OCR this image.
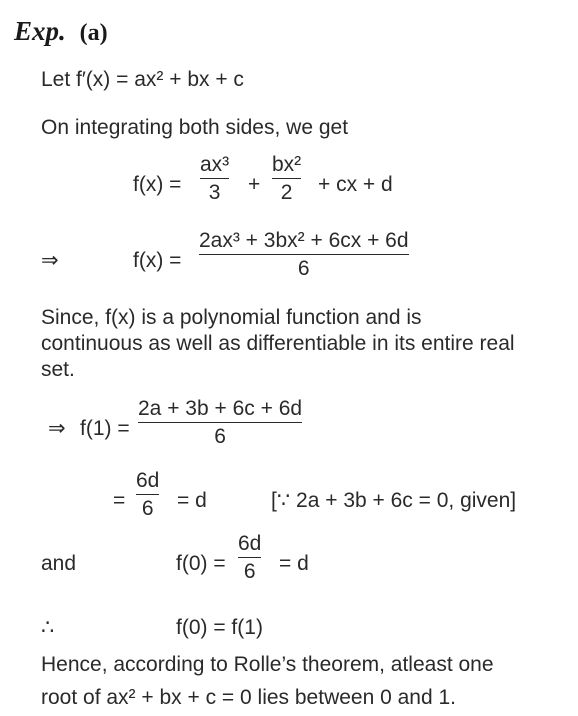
Exp. (a)
Let f′(x) = ax² + bx + c
On integrating both sides, we get
f(x) =
ax³
3	+
bx²
2	+ cx + d
⇒	f(x) =
2ax³ + 3bx² + 6cx + 6d
6
Since, f(x) is a polynomial function and is
continuous as well as differentiable in its entire real
set.
⇒ f(1) =
2a + 3b + 6c + 6d
6
=
6d
6 = d	[∵ 2a + 3b + 6c = 0, given]
and	f(0) =
6d
6 = d
∴	f(0) = f(1)
Hence, according to Rolle’s theorem, atleast one
root of ax² + bx + c = 0 lies between 0 and 1.
